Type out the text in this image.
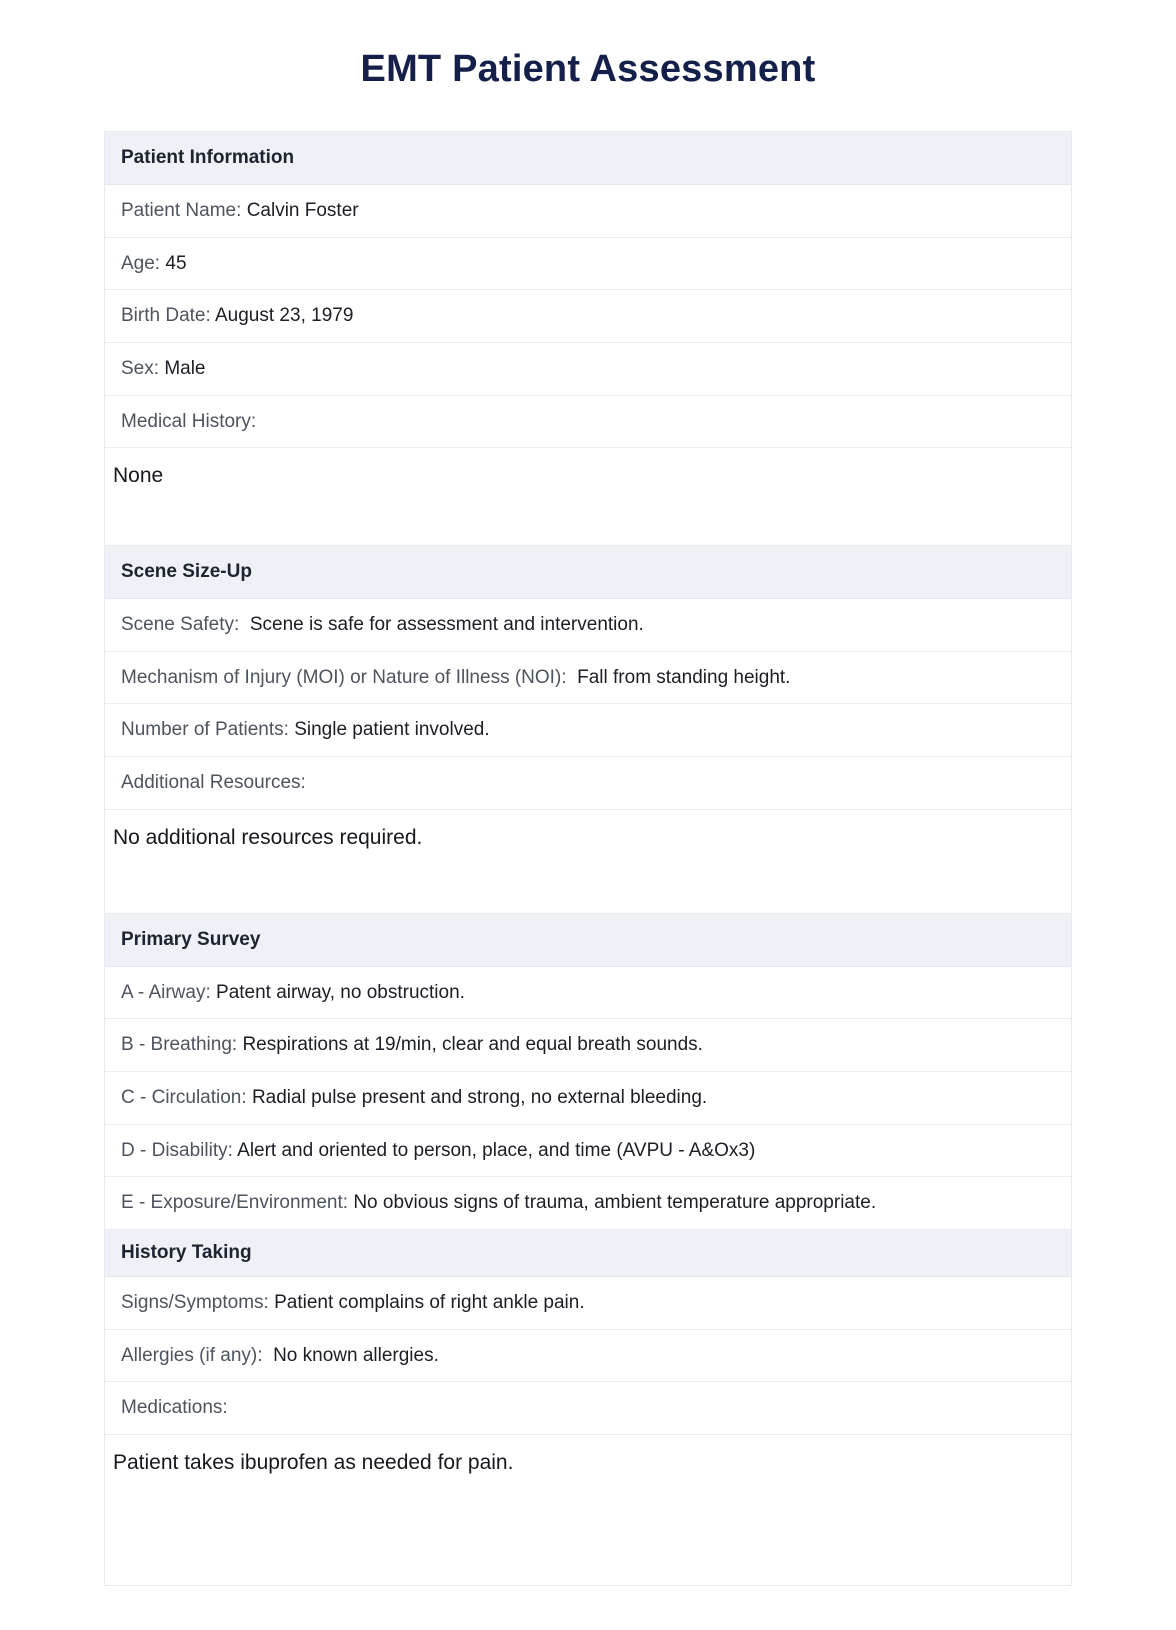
EMT Patient Assessment
Patient Information
Patient Name: Calvin Foster
Age: 45
Birth Date: August 23, 1979
Sex: Male
Medical History:
None
Scene Size-Up
Scene Safety: Scene is safe for assessment and intervention.
Mechanism of Injury (MOI) or Nature of Illness (NOI): Fall from standing height.
Number of Patients: Single patient involved.
Additional Resources:
No additional resources required.
Primary Survey
A - Airway: Patent airway, no obstruction.
B - Breathing: Respirations at 19/min, clear and equal breath sounds.
C - Circulation: Radial pulse present and strong, no external bleeding.
D - Disability: Alert and oriented to person, place, and time (AVPU - A&Ox3)
E - Exposure/Environment: No obvious signs of trauma, ambient temperature appropriate.
History Taking
Signs/Symptoms: Patient complains of right ankle pain.
Allergies (if any): No known allergies.
Medications:
Patient takes ibuprofen as needed for pain.
